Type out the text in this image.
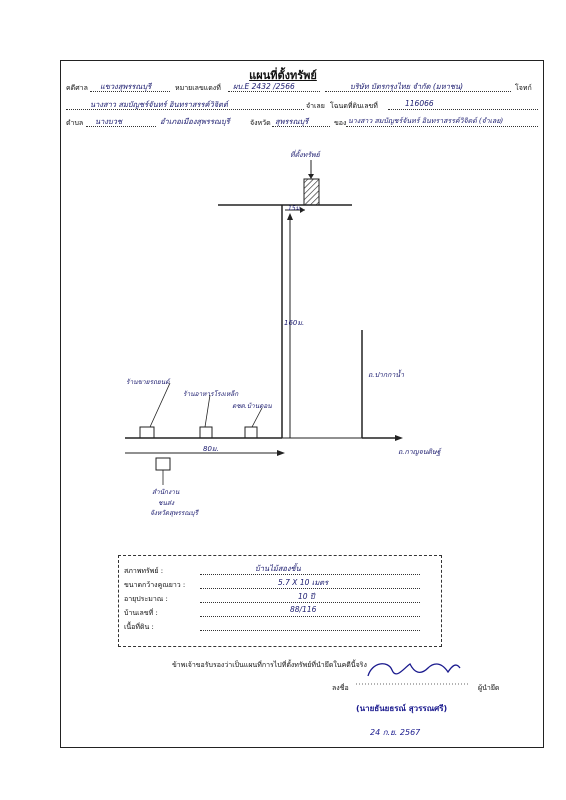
แผนที่ตั้งทรัพย์
คดีศาล แขวงสุพรรณบุรี	หมายเลขแดงที่ ผบ.E 2432 /2566	บริษัท บัตรกรุงไทย จำกัด (มหาชน)	โจทก์
นางสาว สมบัญชร์จันทร์ อินทราสรรค์วิจิตต์	จำเลย โฉนดที่ดินเลขที่	116066
ตำบล นางบวช	อำเภอเมืองสุพรรณบุรี	จังหวัด สุพรรณบุรี	ของ นางสาว สมบัญชร์จันทร์ อินทราสรรค์วิจิตต์ (จำเลย)
ที่ตั้งทรัพย์
15ม.
160ม.
ถ.ปากกาน้ำ
ถ.กาญจนดิษฐ์
80ม.
ร้านขายรถยนต์
ร้านอาหารโรงเหล็ก
ตชด.บ้านดอน
สำนักงาน
ชนส่ง
จังหวัดสุพรรณบุรี
สภาพทรัพย์ :	บ้านไม้สองชั้น
ขนาดกว้างคูณยาว :	5.7 X 10 เมตร
อายุประมาณ :	10 ปี
บ้านเลขที่ :	88/116
เนื้อที่ดิน :
ข้าพเจ้าขอรับรองว่าเป็นแผนที่การไปที่ตั้งทรัพย์ที่นำยึดในคดีนี้จริง
ลงชื่อ	ผู้นำยึด
(นายธันยธรณ์ สุวรรณศรี)
24 ก.ย. 2567
